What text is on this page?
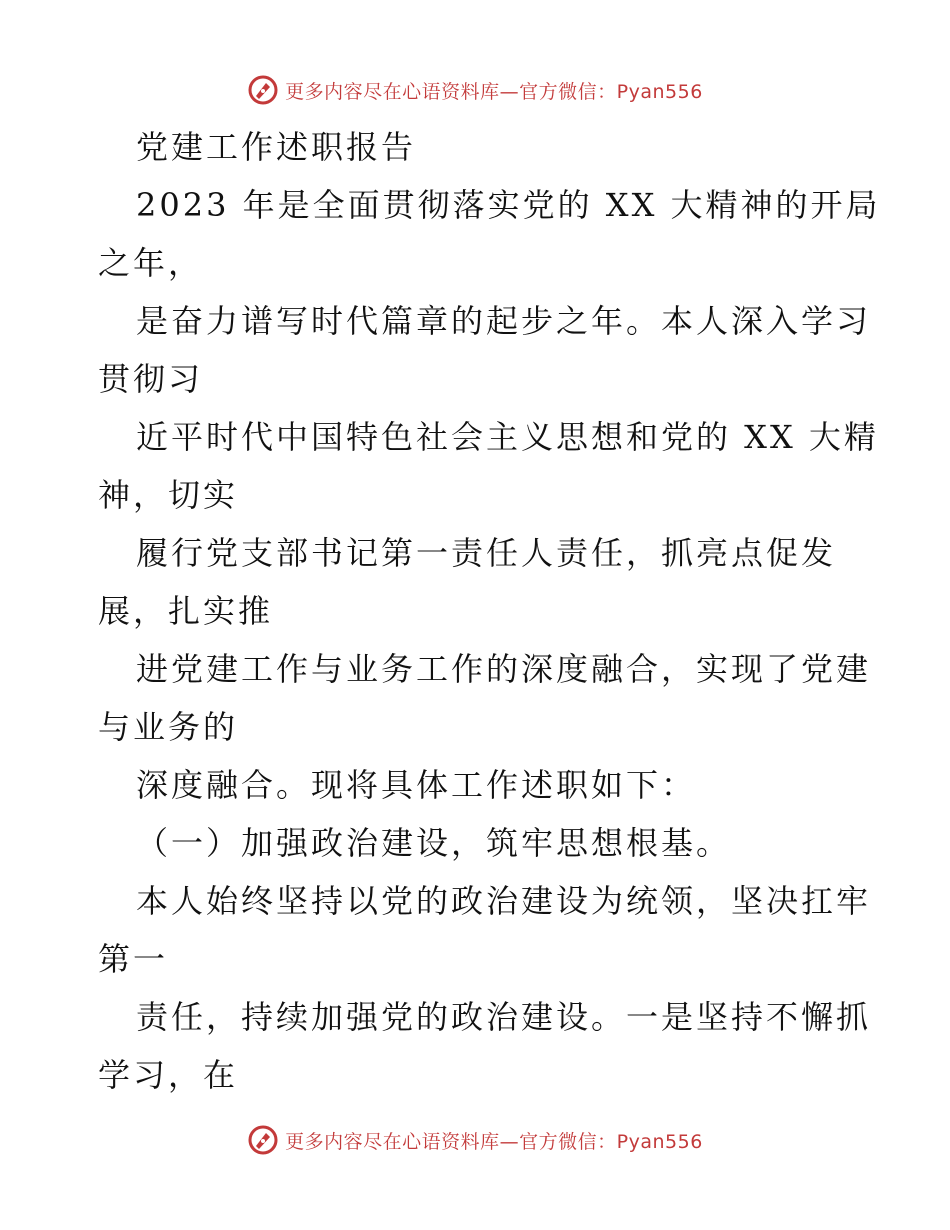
更多内容尽在心语资料库—官方微信：Pyan556
党建工作述职报告
2023 年是全面贯彻落实党的 XX 大精神的开局
之年，
是奋力谱写时代篇章的起步之年。本人深入学习
贯彻习
近平时代中国特色社会主义思想和党的 XX 大精
神，切实
履行党支部书记第一责任人责任，抓亮点促发
展，扎实推
进党建工作与业务工作的深度融合，实现了党建
与业务的
深度融合。现将具体工作述职如下：
（一）加强政治建设，筑牢思想根基。
本人始终坚持以党的政治建设为统领，坚决扛牢
第一
责任，持续加强党的政治建设。一是坚持不懈抓
学习，在
更多内容尽在心语资料库—官方微信：Pyan556
